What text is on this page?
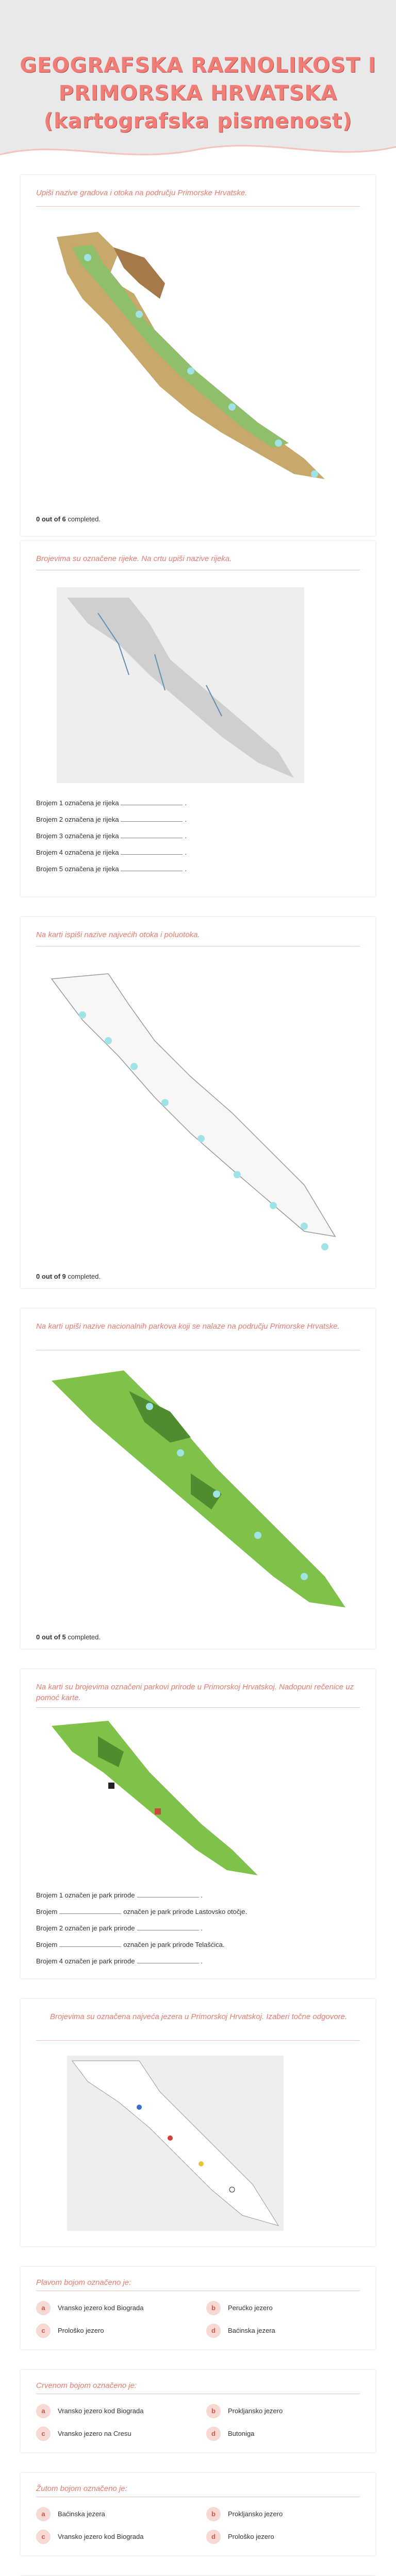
GEOGRAFSKA RAZNOLIKOST I
PRIMORSKA HRVATSKA
(kartografska pismenost)
Upiši nazive gradova i otoka na području Primorske Hrvatske.
0 out of 6 completed.
Brojevima su označene rijeke. Na crtu upiši nazive rijeka.
Brojem 1 označena je rijeka	.
Brojem 2 označena je rijeka	.
Brojem 3 označena je rijeka	.
Brojem 4 označena je rijeka	.
Brojem 5 označena je rijeka	.
Na karti ispiši nazive najvećih otoka i poluotoka.
0 out of 9 completed.
Na karti upiši nazive nacionalnih parkova koji se nalaze na području Primorske Hrvatske.
0 out of 5 completed.
Na karti su brojevima označeni parkovi prirode u Primorskoj Hrvatskoj. Nadopuni rečenice uz pomoć karte.
Brojem 1 označen je park prirode	.
Brojem	označen je park prirode Lastovsko otočje.
Brojem 2 označen je park prirode	.
Brojem	označen je park prirode Telašćica.
Brojem 4 označen je park prirode	.
Brojevima su označena najveća jezera u Primorskoj Hrvatskoj. Izaberi točne odgovore.
Plavom bojom označeno je:
a	Vransko jezero kod Biograda	b	Perućko jezero
c	Prološko jezero	d	Baćinska jezera
Crvenom bojom označeno je:
a	Vransko jezero kod Biograda	b	Prokljansko jezero
c	Vransko jezero na Cresu	d	Butoniga
Žutom bojom označeno je:
a	Baćinska jezera	b	Prokljansko jezero
c	Vransko jezero kod Biograda	d	Prološko jezero
